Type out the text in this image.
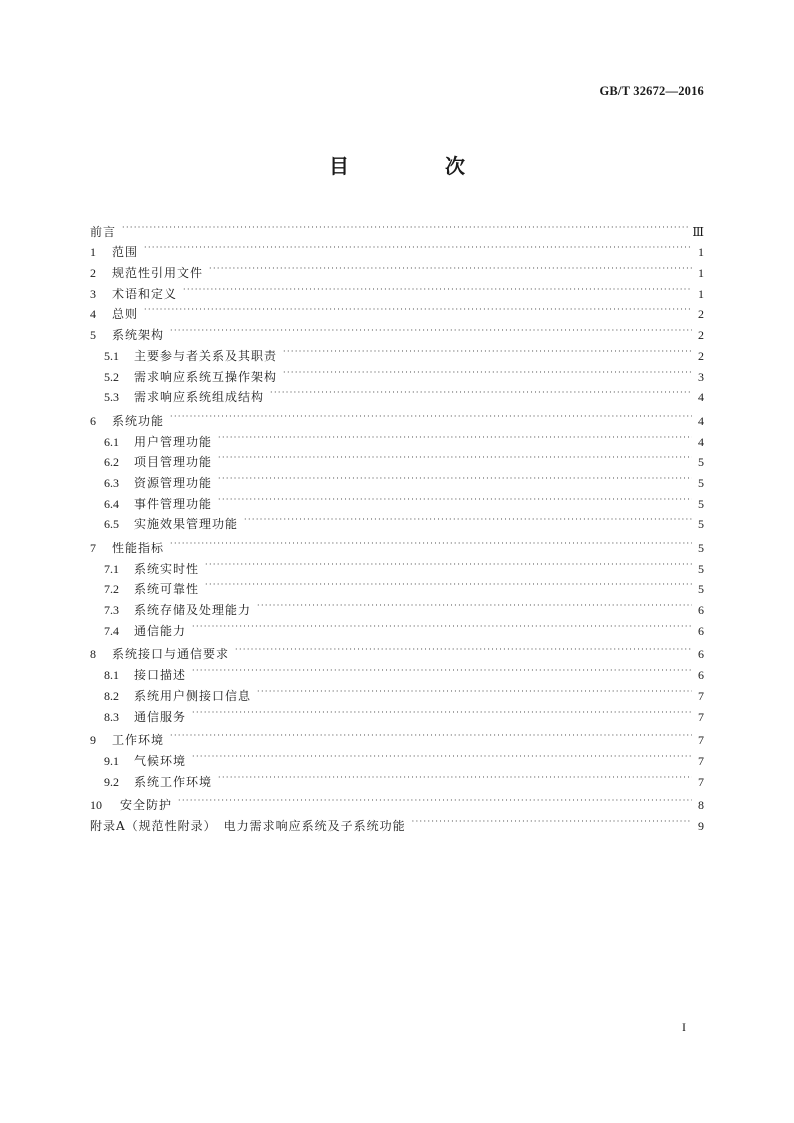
GB/T 32672—2016
目　次
前言 ·····	Ⅲ
1	范围 ·····	1
2	规范性引用文件 ·····	1
3	术语和定义 ·····	1
4	总则 ·····	2
5	系统架构 ·····	2
5.1	主要参与者关系及其职责 ·····	2
5.2	需求响应系统互操作架构 ·····	3
5.3	需求响应系统组成结构 ·····	4
6	系统功能 ·····	4
6.1	用户管理功能 ·····	4
6.2	项目管理功能 ·····	5
6.3	资源管理功能 ·····	5
6.4	事件管理功能 ·····	5
6.5	实施效果管理功能 ·····	5
7	性能指标 ·····	5
7.1	系统实时性 ·····	5
7.2	系统可靠性 ·····	5
7.3	系统存储及处理能力 ·····	6
7.4	通信能力 ·····	6
8	系统接口与通信要求 ·····	6
8.1	接口描述 ·····	6
8.2	系统用户侧接口信息 ·····	7
8.3	通信服务 ·····	7
9	工作环境 ·····	7
9.1	气候环境 ·····	7
9.2	系统工作环境 ·····	7
10	安全防护 ·····	8
附录A（规范性附录）　电力需求响应系统及子系统功能 ·····	9
I
